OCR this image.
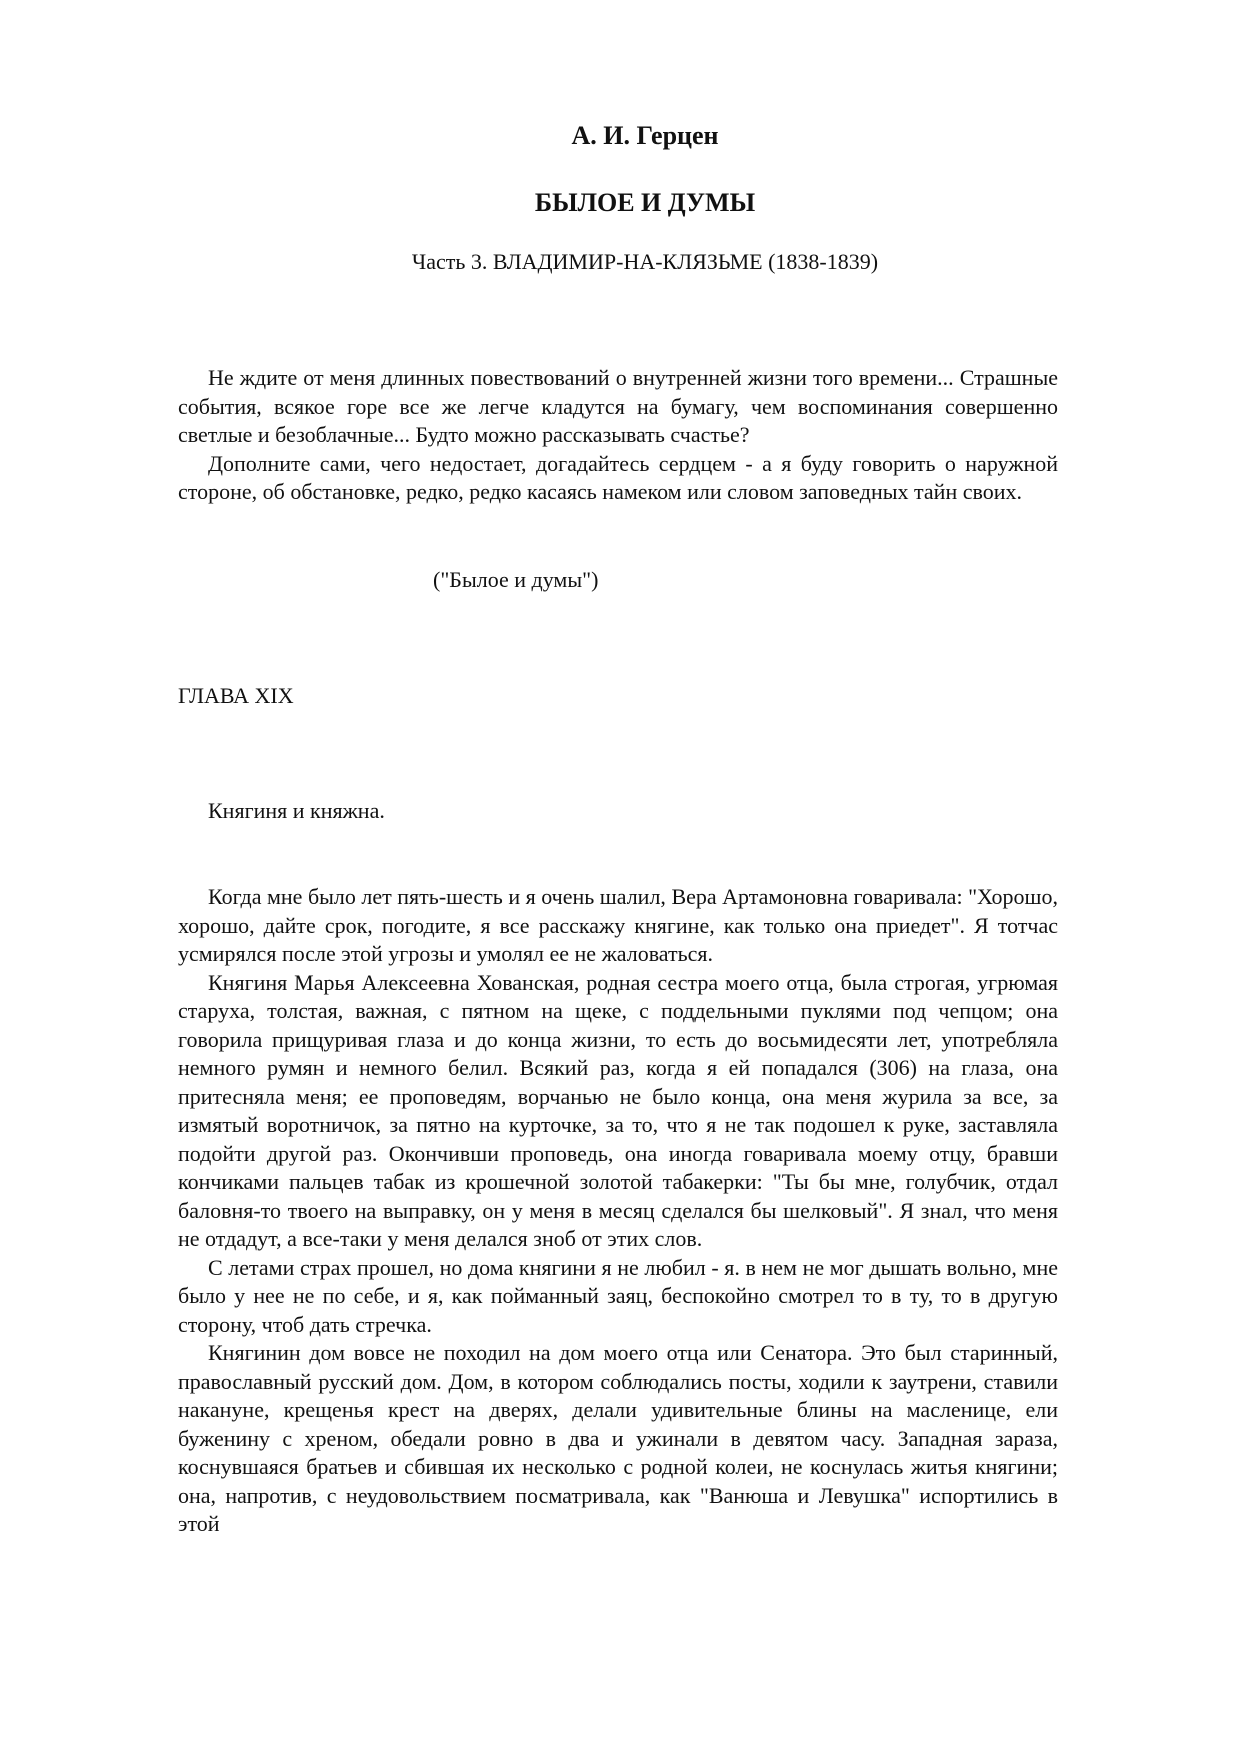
А. И. Герцен
БЫЛОЕ И ДУМЫ
Часть 3. ВЛАДИМИР-НА-КЛЯЗЬМЕ (1838-1839)

Не ждите от меня длинных повествований о внутренней жизни того времени... Страшные события, всякое горе все же легче кладутся на бумагу, чем воспоминания совершенно светлые и безоблачные... Будто можно рассказывать счастье?

Дополните сами, чего недостает, догадайтесь сердцем - а я буду говорить о наружной стороне, об обстановке, редко, редко касаясь намеком или словом заповедных тайн своих.

("Былое и думы")
ГЛАВА XIX
Княгиня и княжна.

Когда мне было лет пять-шесть и я очень шалил, Вера Артамоновна говаривала: "Хорошо, хорошо, дайте срок, погодите, я все расскажу княгине, как только она приедет". Я тотчас усмирялся после этой угрозы и умолял ее не жаловаться.

Княгиня Марья Алексеевна Хованская, родная сестра моего отца, была строгая, угрюмая старуха, толстая, важная, с пятном на щеке, с поддельными пуклями под чепцом; она говорила прищуривая глаза и до конца жизни, то есть до восьмидесяти лет, употребляла немного румян и немного белил. Всякий раз, когда я ей попадался (306) на глаза, она притесняла меня; ее проповедям, ворчанью не было конца, она меня журила за все, за измятый воротничок, за пятно на курточке, за то, что я не так подошел к руке, заставляла подойти другой раз. Окончивши проповедь, она иногда говаривала моему отцу, бравши кончиками пальцев табак из крошечной золотой табакерки: "Ты бы мне, голубчик, отдал баловня-то твоего на выправку, он у меня в месяц сделался бы шелковый". Я знал, что меня не отдадут, а все-таки у меня делался зноб от этих слов.

С летами страх прошел, но дома княгини я не любил - я. в нем не мог дышать вольно, мне было у нее не по себе, и я, как пойманный заяц, беспокойно смотрел то в ту, то в другую сторону, чтоб дать стречка.

Княгинин дом вовсе не походил на дом моего отца или Сенатора. Это был старинный, православный русский дом. Дом, в котором соблюдались посты, ходили к заутрени, ставили накануне, крещенья крест на дверях, делали удивительные блины на масленице, ели буженину с хреном, обедали ровно в два и ужинали в девятом часу. Западная зараза, коснувшаяся братьев и сбившая их несколько с родной колеи, не коснулась житья княгини; она, напротив, с неудовольствием посматривала, как "Ванюша и Левушка" испортились в этой
